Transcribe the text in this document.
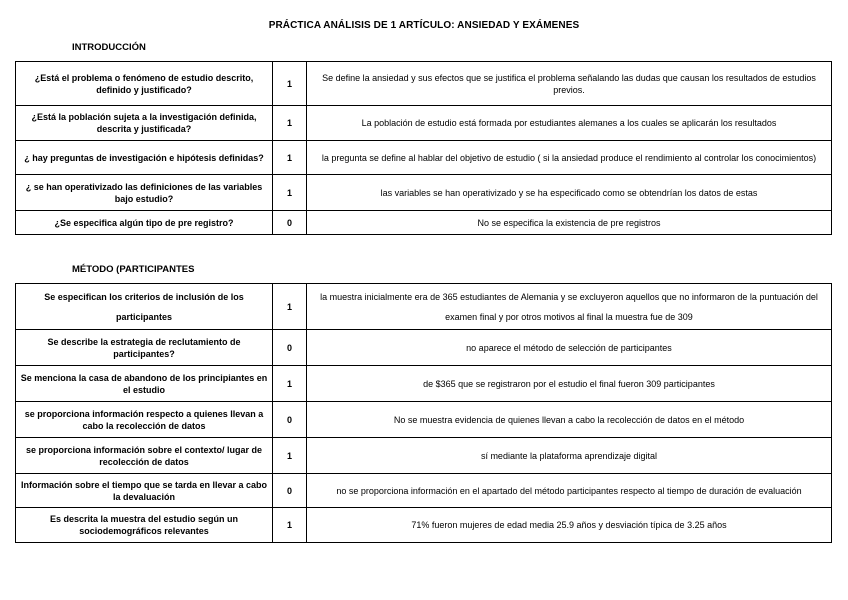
PRÁCTICA ANÁLISIS DE 1 ARTÍCULO: ANSIEDAD Y EXÁMENES
INTRODUCCIÓN
¿Está el problema o fenómeno de estudio descrito, definido y justificado?	1	Se define la ansiedad y sus efectos que se justifica el problema señalando las dudas que causan los resultados de estudios previos.
¿Está la población sujeta a la investigación definida, descrita y justificada?	1	La población de estudio está formada por estudiantes alemanes a los cuales se aplicarán los resultados
¿ hay preguntas de investigación e hipótesis definidas?	1	la pregunta se define al hablar del objetivo de estudio ( si la ansiedad produce el rendimiento al controlar los conocimientos)
¿ se han operativizado las definiciones de las variables bajo estudio?	1	las variables se han operativizado y se ha especificado como se obtendrían los datos de estas
¿Se especifica algún tipo de pre registro?	0	No se especifica la existencia de pre registros
MÉTODO (PARTICIPANTES
Se especifican los criterios de inclusión de los participantes	1	la muestra inicialmente era de 365 estudiantes de Alemania y se excluyeron aquellos que no informaron de la puntuación del examen final y por otros motivos al final la muestra fue de 309
Se describe la estrategia de reclutamiento de participantes?	0	no aparece el método de selección de participantes
Se menciona la casa de abandono de los principiantes en el estudio	1	de $365 que se registraron por el estudio el final fueron 309 participantes
se proporciona información respecto a quienes llevan a cabo la recolección de datos	0	No se muestra evidencia de quienes llevan a cabo la recolección de datos en el método
se proporciona información sobre el contexto/ lugar de recolección de datos	1	sí mediante la plataforma aprendizaje digital
Información sobre el tiempo que se tarda en llevar a cabo la devaluación	0	no se proporciona información en el apartado del método participantes respecto al tiempo de duración de evaluación
Es descrita la muestra del estudio según un sociodemográficos relevantes	1	71% fueron mujeres de edad media 25.9 años y desviación típica de 3.25 años
